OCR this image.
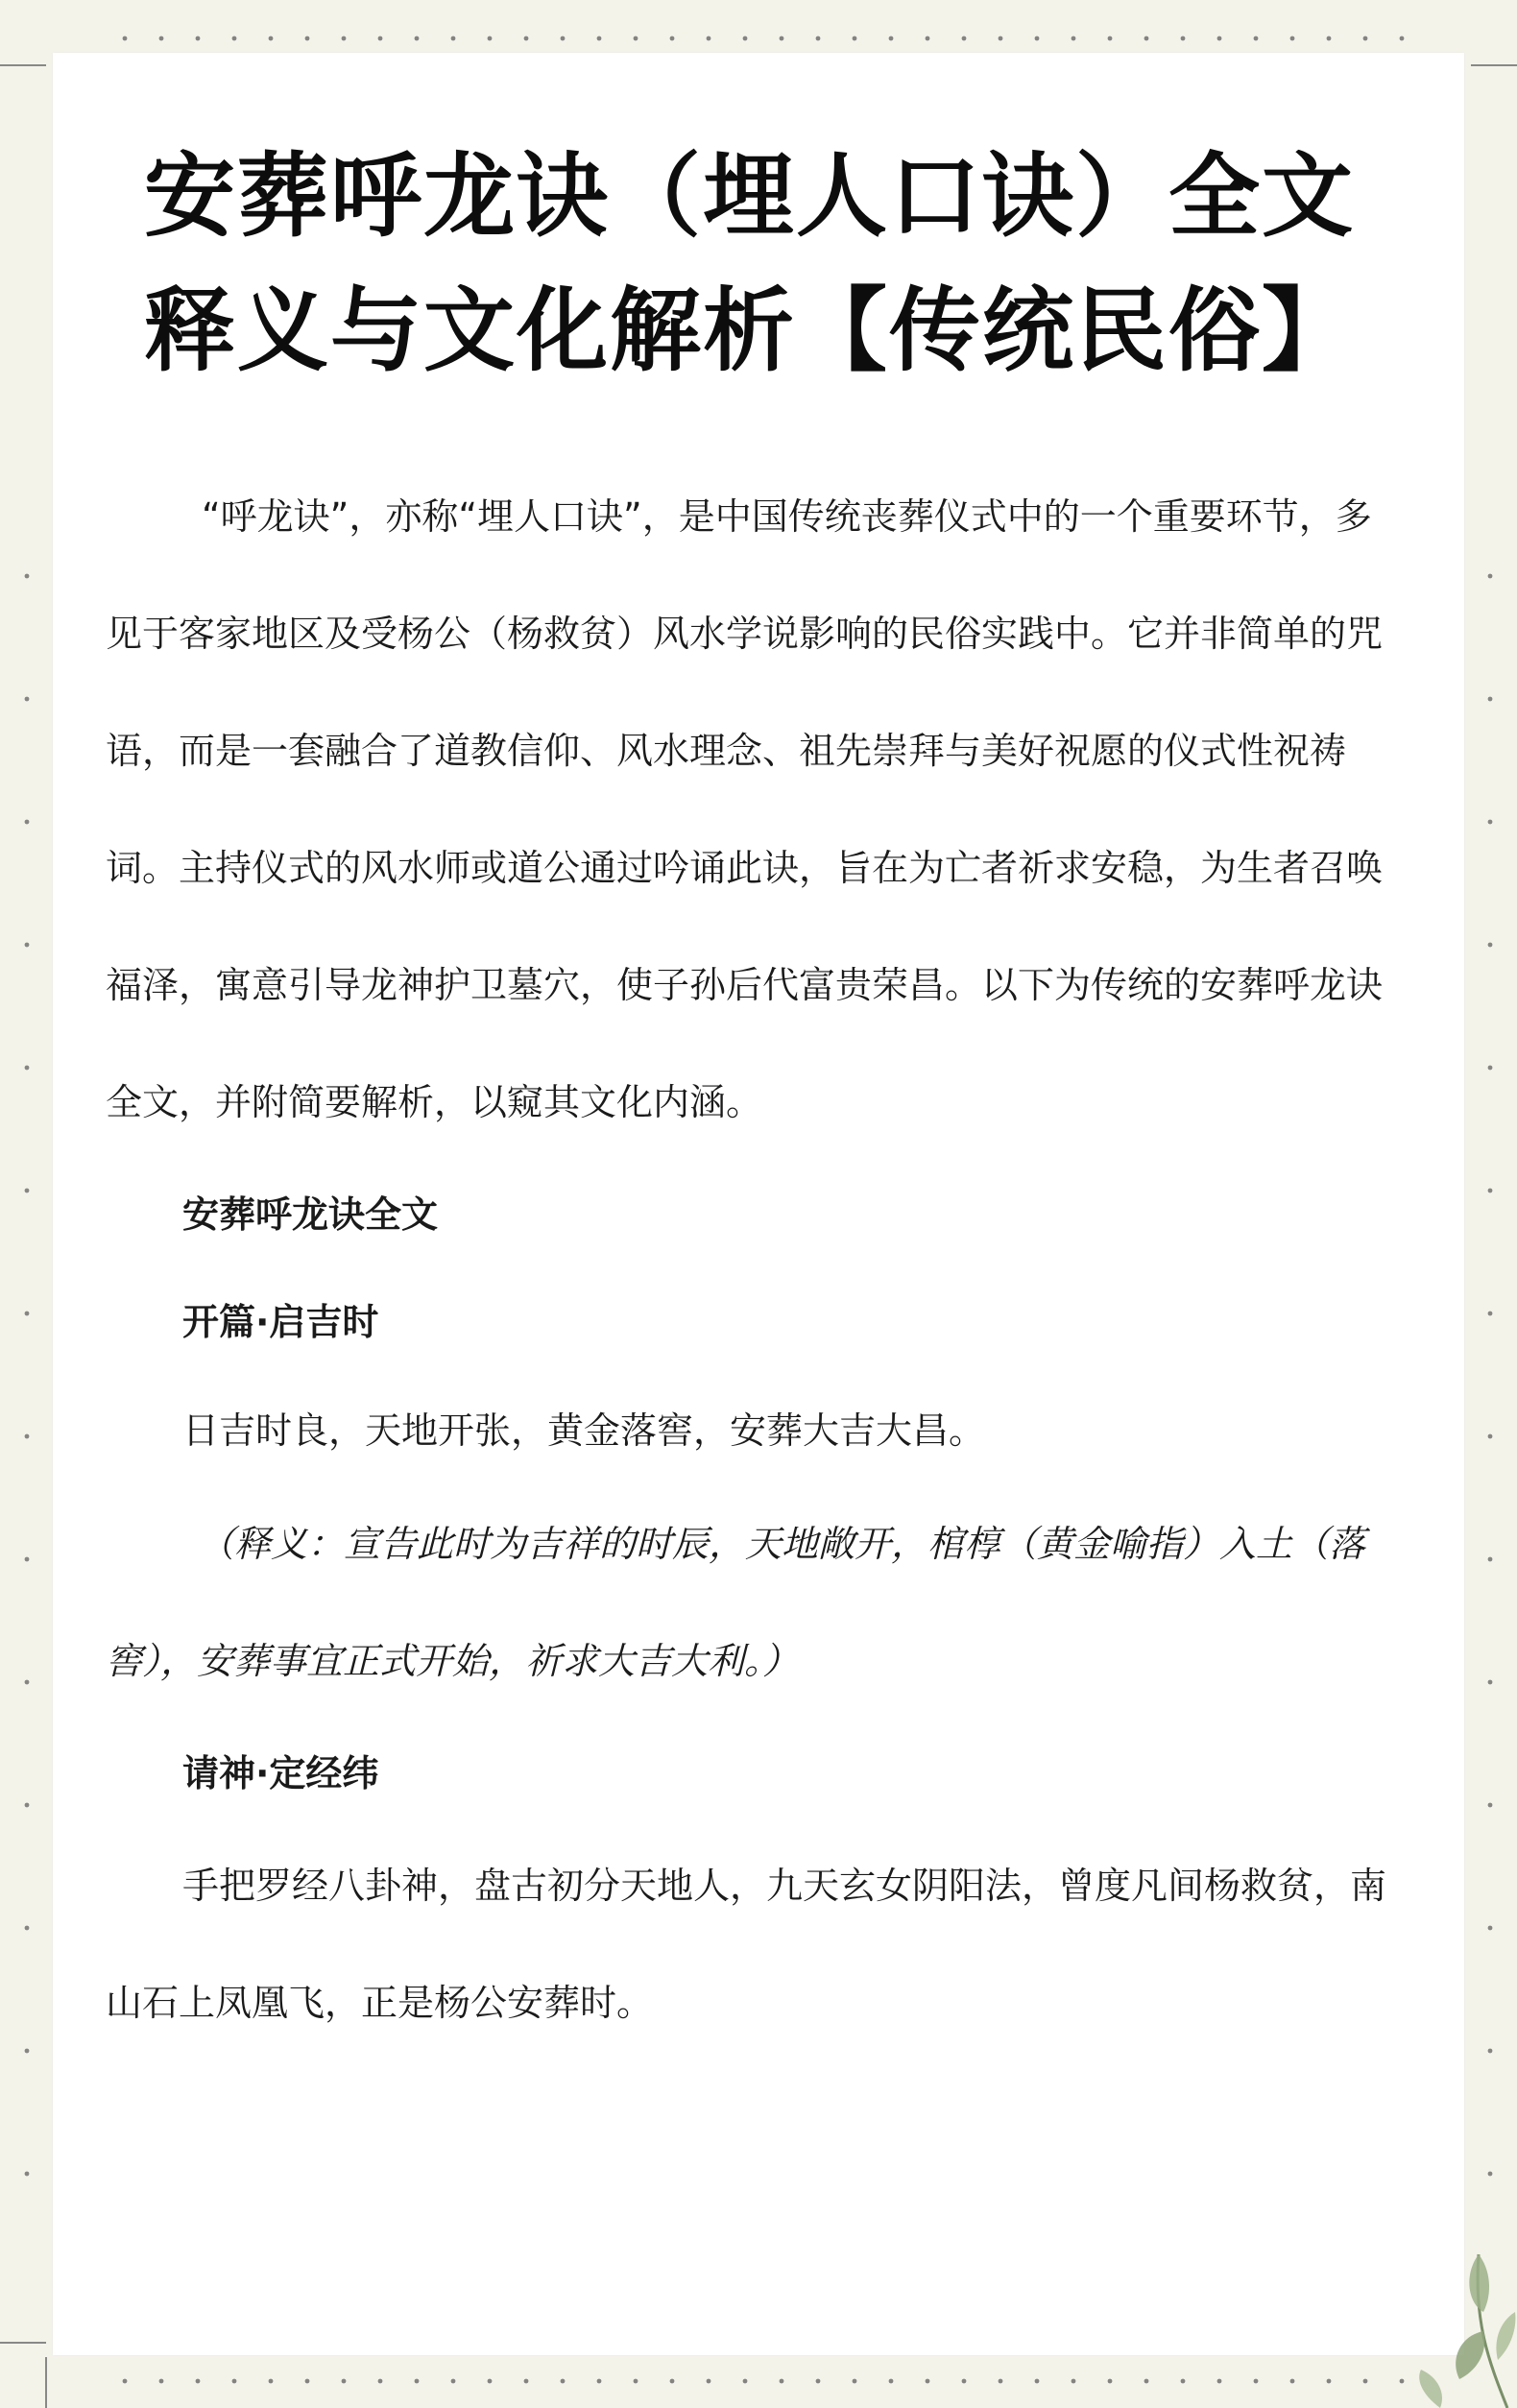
安葬呼龙诀（埋人口诀）全文
释义与文化解析【传统民俗】

“呼龙诀”，亦称“埋人口诀”，是中国传统丧葬仪式中的一个重要环节，多见于客家地区及受杨公（杨救贫）风水学说影响的民俗实践中。它并非简单的咒语，而是一套融合了道教信仰、风水理念、祖先崇拜与美好祝愿的仪式性祝祷词。主持仪式的风水师或道公通过吟诵此诀，旨在为亡者祈求安稳，为生者召唤福泽，寓意引导龙神护卫墓穴，使子孙后代富贵荣昌。以下为传统的安葬呼龙诀全文，并附简要解析，以窥其文化内涵。

安葬呼龙诀全文

开篇·启吉时

日吉时良，天地开张，黄金落窖，安葬大吉大昌。

（释义：宣告此时为吉祥的时辰，天地敞开，棺椁（黄金喻指）入土（落窖），安葬事宜正式开始，祈求大吉大利。）

请神·定经纬

手把罗经八卦神，盘古初分天地人，九天玄女阴阳法，曾度凡间杨救贫，南山石上凤凰飞，正是杨公安葬时。
